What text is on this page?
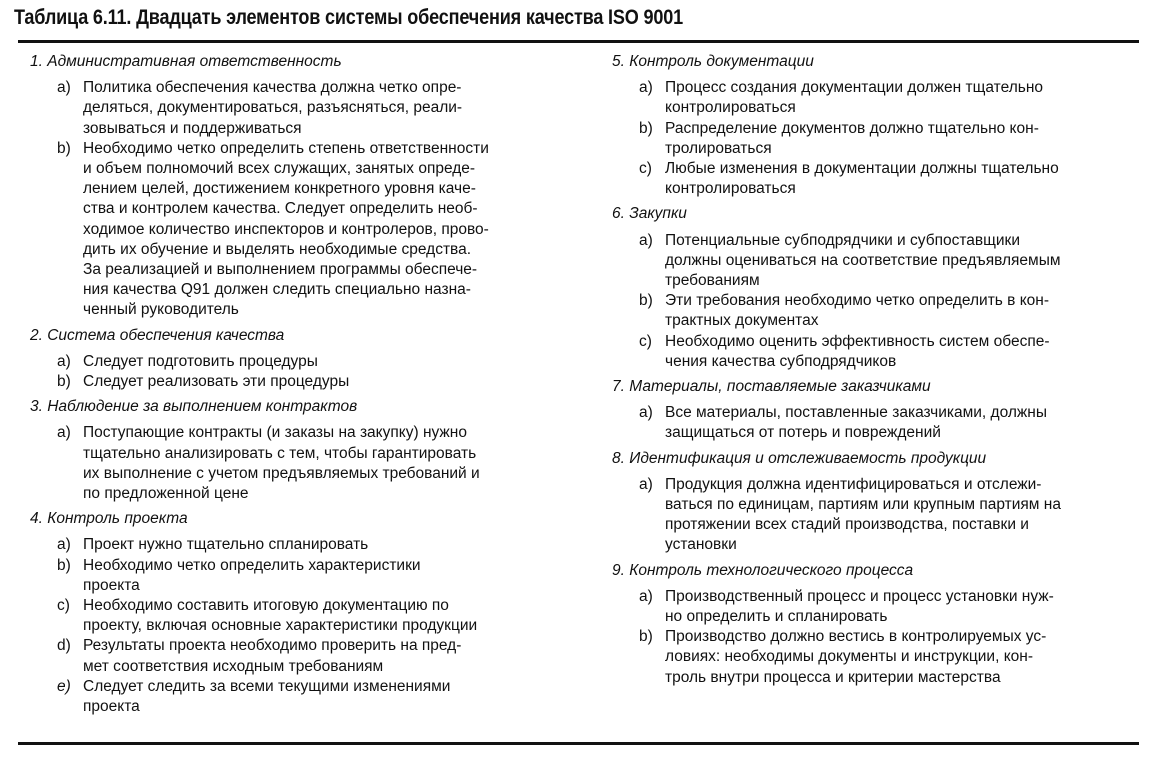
Таблица 6.11. Двадцать элементов системы обеспечения качества ISO 9001
1. Административная ответственность
a) Политика обеспечения качества должна четко опре-
деляться, документироваться, разъясняться, реали-
зовываться и поддерживаться
b) Необходимо четко определить степень ответственности
и объем полномочий всех служащих, занятых опреде-
лением целей, достижением конкретного уровня каче-
ства и контролем качества. Следует определить необ-
ходимое количество инспекторов и контролеров, прово-
дить их обучение и выделять необходимые средства.
За реализацией и выполнением программы обеспече-
ния качества Q91 должен следить специально назна-
ченный руководитель
2. Система обеспечения качества
a) Следует подготовить процедуры
b) Следует реализовать эти процедуры
3. Наблюдение за выполнением контрактов
a) Поступающие контракты (и заказы на закупку) нужно
тщательно анализировать с тем, чтобы гарантировать
их выполнение с учетом предъявляемых требований и
по предложенной цене
4. Контроль проекта
a) Проект нужно тщательно спланировать
b) Необходимо четко определить характеристики
проекта
c) Необходимо составить итоговую документацию по
проекту, включая основные характеристики продукции
d) Результаты проекта необходимо проверить на пред-
мет соответствия исходным требованиям
e) Следует следить за всеми текущими изменениями
проекта
5. Контроль документации
a) Процесс создания документации должен тщательно
контролироваться
b) Распределение документов должно тщательно кон-
тролироваться
c) Любые изменения в документации должны тщательно
контролироваться
6. Закупки
a) Потенциальные субподрядчики и субпоставщики
должны оцениваться на соответствие предъявляемым
требованиям
b) Эти требования необходимо четко определить в кон-
трактных документах
c) Необходимо оценить эффективность систем обеспе-
чения качества субподрядчиков
7. Материалы, поставляемые заказчиками
a) Все материалы, поставленные заказчиками, должны
защищаться от потерь и повреждений
8. Идентификация и отслеживаемость продукции
a) Продукция должна идентифицироваться и отслежи-
ваться по единицам, партиям или крупным партиям на
протяжении всех стадий производства, поставки и
установки
9. Контроль технологического процесса
a) Производственный процесс и процесс установки нуж-
но определить и спланировать
b) Производство должно вестись в контролируемых ус-
ловиях: необходимы документы и инструкции, кон-
троль внутри процесса и критерии мастерства
